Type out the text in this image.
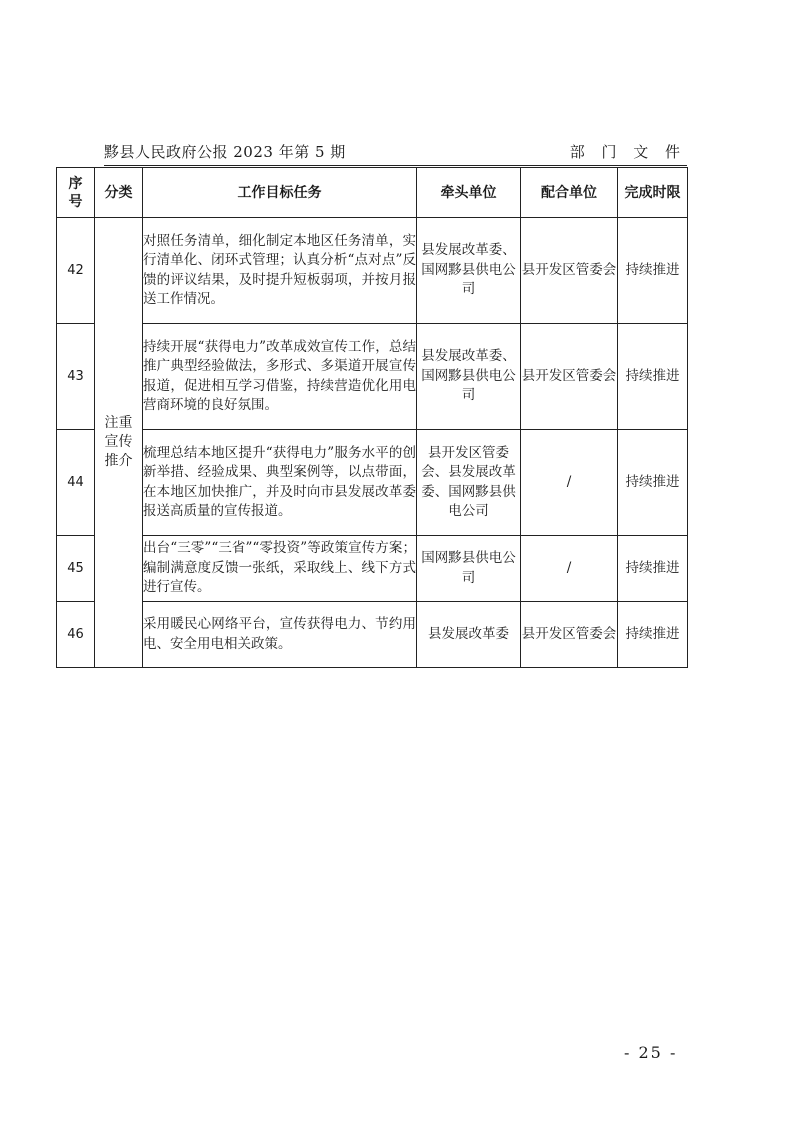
黟县人民政府公报 2023 年第 5 期	部 门 文 件
序号	分类	工作目标任务	牵头单位	配合单位	完成时限
42	注重宣传推介	对照任务清单，细化制定本地区任务清单，实行清单化、闭环式管理；认真分析“点对点”反馈的评议结果，及时提升短板弱项，并按月报送工作情况。	县发展改革委、国网黟县供电公司	县开发区管委会	持续推进
43		持续开展“获得电力”改革成效宣传工作，总结推广典型经验做法，多形式、多渠道开展宣传报道，促进相互学习借鉴，持续营造优化用电营商环境的良好氛围。	县发展改革委、国网黟县供电公司	县开发区管委会	持续推进
44		梳理总结本地区提升“获得电力”服务水平的创新举措、经验成果、典型案例等，以点带面，在本地区加快推广，并及时向市县发展改革委报送高质量的宣传报道。	县开发区管委会、县发展改革委、国网黟县供电公司	/	持续推进
45		出台“三零”“三省”“零投资”等政策宣传方案；编制满意度反馈一张纸，采取线上、线下方式进行宣传。	国网黟县供电公司	/	持续推进
46		采用暖民心网络平台，宣传获得电力、节约用电、安全用电相关政策。	县发展改革委	县开发区管委会	持续推进
- 25 -
